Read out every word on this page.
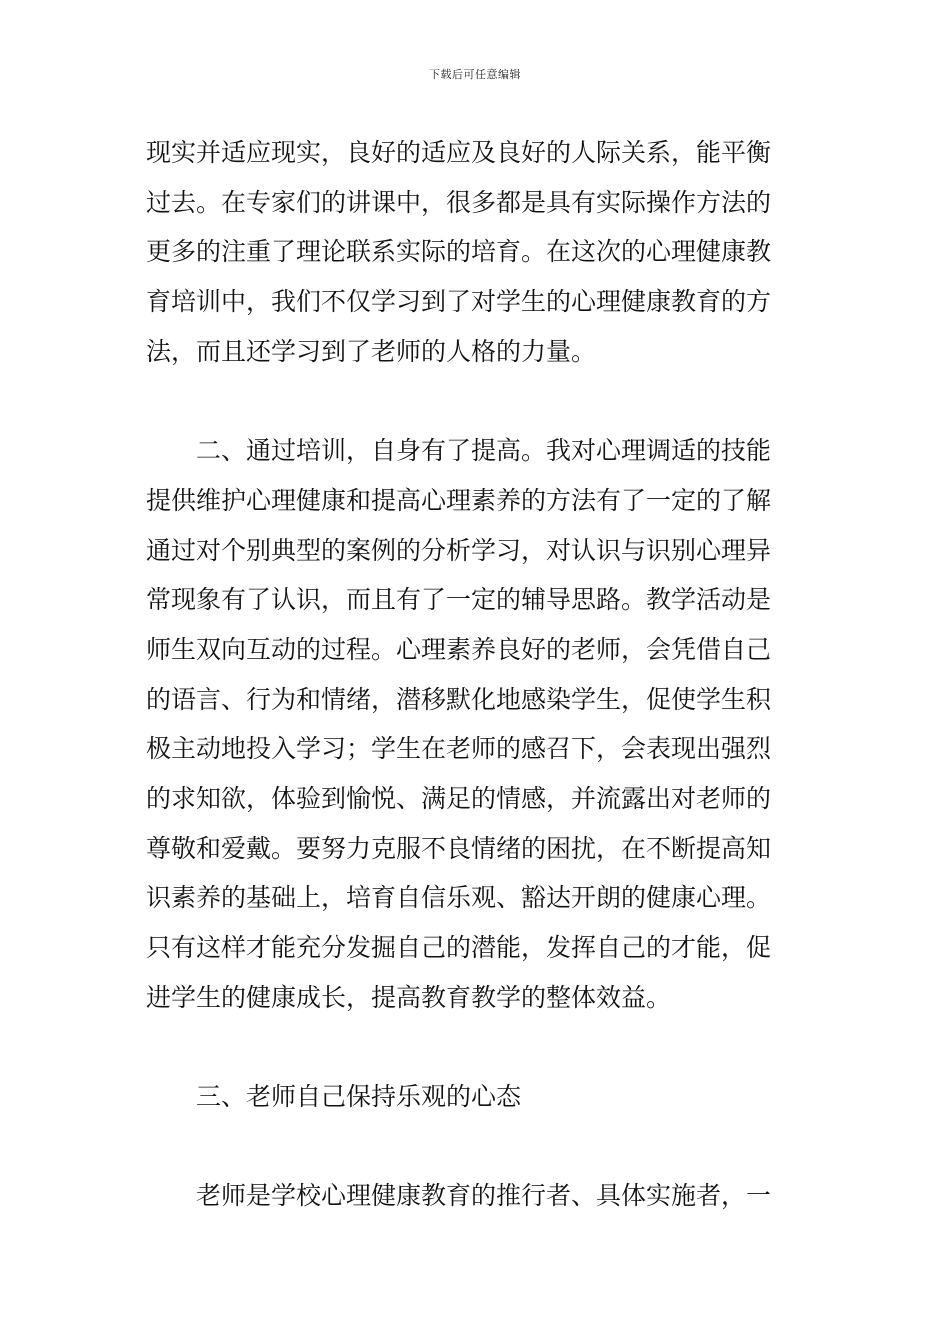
下载后可任意编辑
现实并适应现实，良好的适应及良好的人际关系，能平衡
过去。在专家们的讲课中，很多都是具有实际操作方法的
更多的注重了理论联系实际的培育。在这次的心理健康教
育培训中，我们不仅学习到了对学生的心理健康教育的方
法，而且还学习到了老师的人格的力量。
二、通过培训，自身有了提高。我对心理调适的技能
提供维护心理健康和提高心理素养的方法有了一定的了解
通过对个别典型的案例的分析学习，对认识与识别心理异
常现象有了认识，而且有了一定的辅导思路。教学活动是
师生双向互动的过程。心理素养良好的老师，会凭借自己
的语言、行为和情绪，潜移默化地感染学生，促使学生积
极主动地投入学习；学生在老师的感召下，会表现出强烈
的求知欲，体验到愉悦、满足的情感，并流露出对老师的
尊敬和爱戴。要努力克服不良情绪的困扰，在不断提高知
识素养的基础上，培育自信乐观、豁达开朗的健康心理。
只有这样才能充分发掘自己的潜能，发挥自己的才能，促
进学生的健康成长，提高教育教学的整体效益。
三、老师自己保持乐观的心态
老师是学校心理健康教育的推行者、具体实施者，一
